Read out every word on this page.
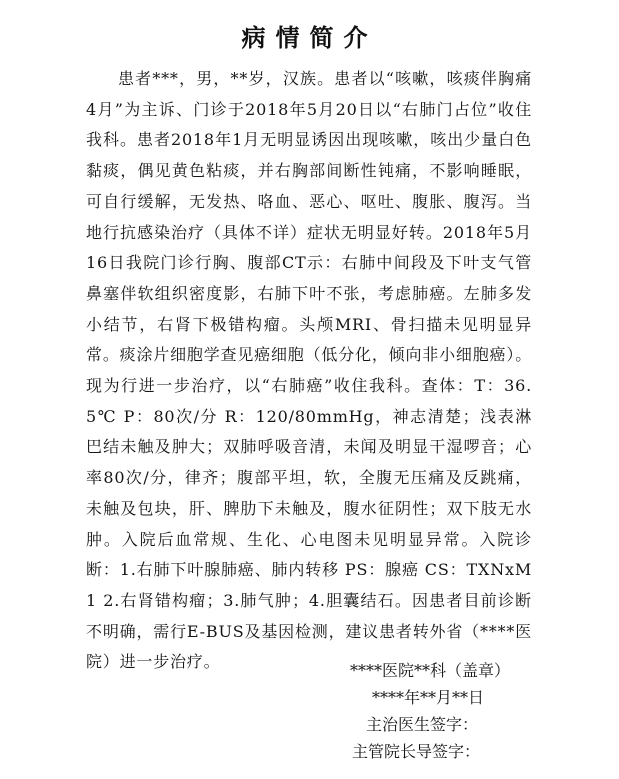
病情简介

患者***，男，**岁，汉族。患者以“咳嗽，咳痰伴胸痛4月”为主诉、门诊于2018年5月20日以“右肺门占位”收住我科。患者2018年1月无明显诱因出现咳嗽，咳出少量白色黏痰，偶见黄色粘痰，并右胸部间断性钝痛，不影响睡眠，可自行缓解，无发热、咯血、恶心、呕吐、腹胀、腹泻。当地行抗感染治疗（具体不详）症状无明显好转。2018年5月16日我院门诊行胸、腹部CT示：右肺中间段及下叶支气管鼻塞伴软组织密度影，右肺下叶不张，考虑肺癌。左肺多发小结节，右肾下极错构瘤。头颅MRI、骨扫描未见明显异常。痰涂片细胞学查见癌细胞（低分化，倾向非小细胞癌）。现为行进一步治疗，以“右肺癌”收住我科。查体：T：36.5℃ P：80次/分 R：120/80mmHg，神志清楚；浅表淋巴结未触及肿大；双肺呼吸音清，未闻及明显干湿啰音；心率80次/分，律齐；腹部平坦，软，全腹无压痛及反跳痛，未触及包块，肝、脾肋下未触及，腹水征阴性；双下肢无水肿。入院后血常规、生化、心电图未见明显异常。入院诊断：1.右肺下叶腺肺癌、肺内转移 PS：腺癌 CS：TXNxM1 2.右肾错构瘤；3.肺气肿；4.胆囊结石。因患者目前诊断不明确，需行E-BUS及基因检测，建议患者转外省（****医院）进一步治疗。	****医院**科（盖章）
****年**月**日
主治医生签字：
主管院长导签字：
